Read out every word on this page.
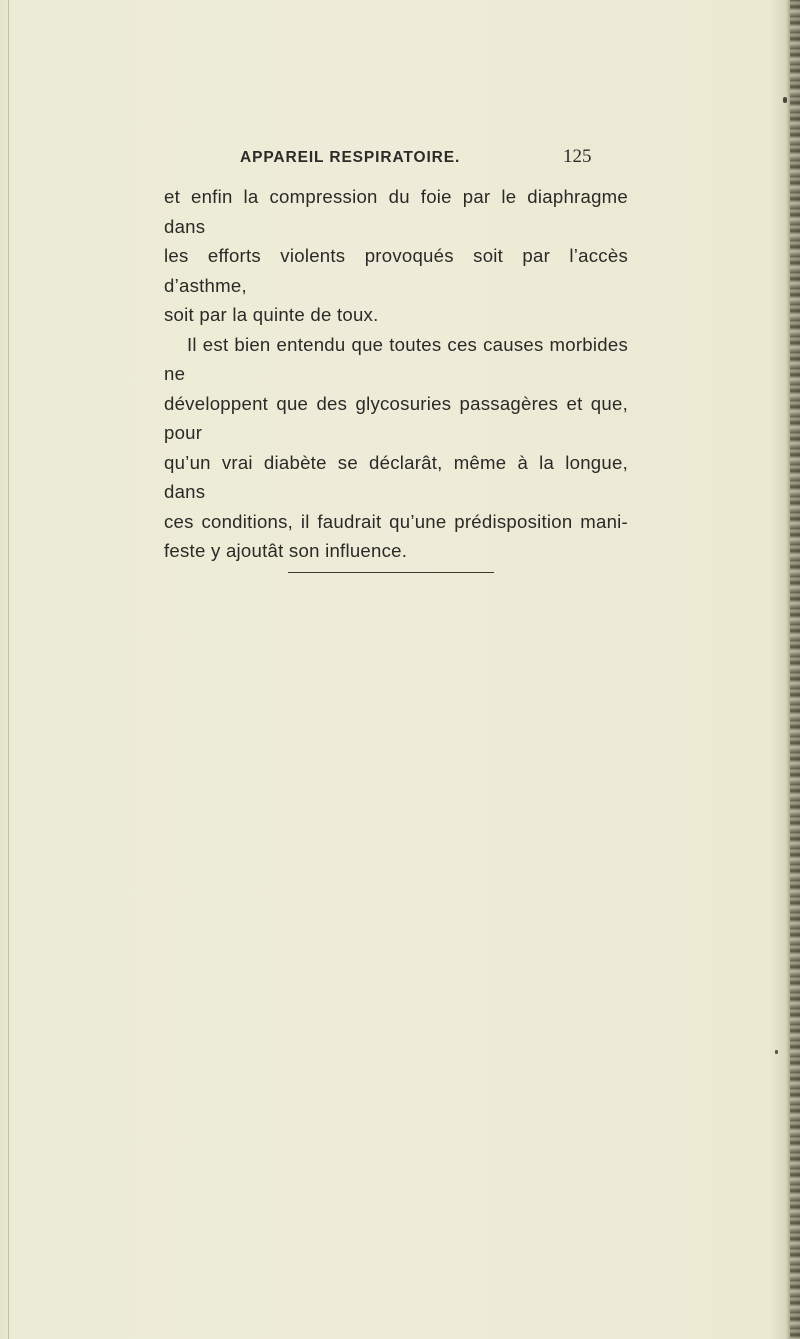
APPAREIL RESPIRATOIRE.	125

et enfin la compression du foie par le diaphragme dans
les efforts violents provoqués soit par l’accès d’asthme,

soit par la quinte de toux.

Il est bien entendu que toutes ces causes morbides ne
développent que des glycosuries passagères et que, pour
qu’un vrai diabète se déclarât, même à la longue, dans
ces conditions, il faudrait qu’une prédisposition mani-

feste y ajoutât son influence.
